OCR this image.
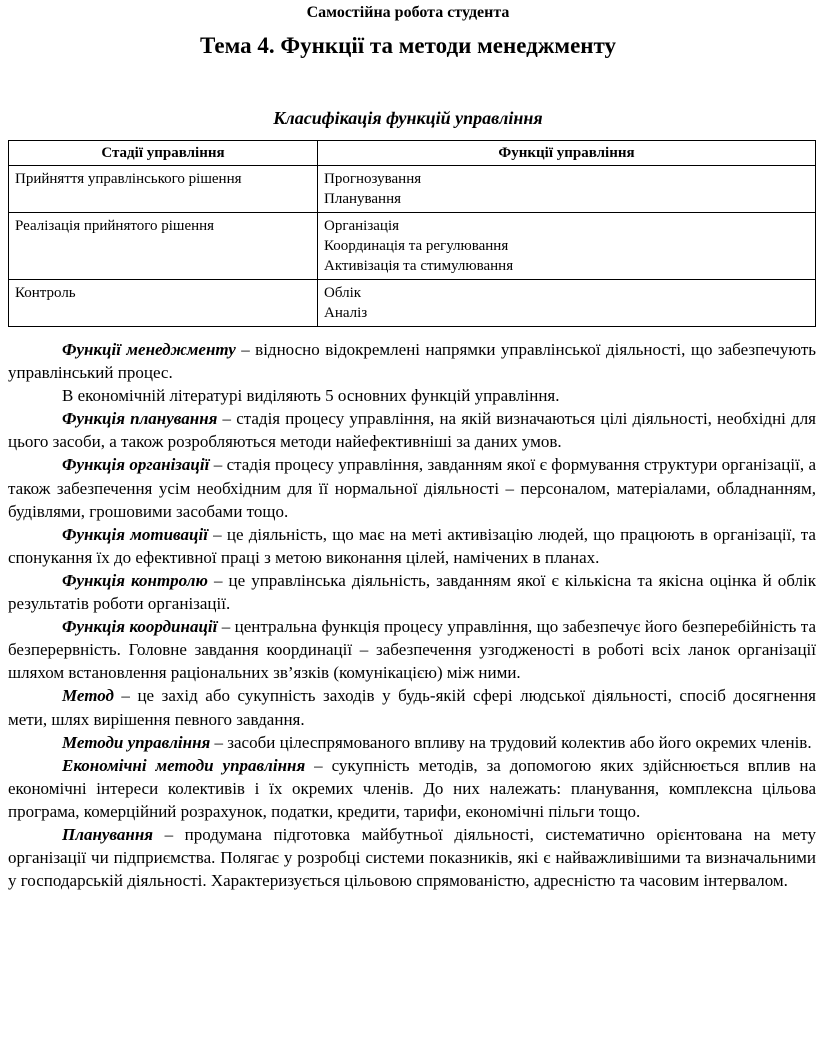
Самостійна робота студента
Тема 4. Функції та методи менеджменту
Класифікація функцій управління
Стадії управління	Функції управління
Прийняття управлінського рішення	Прогнозування
Планування

Реалізація прийнятого рішення	Організація
Координація та регулювання
Активізація та стимулювання

Контроль	Облік
Аналіз

Функції менеджменту – відносно відокремлені напрямки управлінської діяльності, що забезпечують управлінський процес.

В економічній літературі виділяють 5 основних функцій управління.

Функція планування – стадія процесу управління, на якій визначаються цілі діяльності, необхідні для цього засоби, а також розробляються методи найефективніші за даних умов.

Функція організації – стадія процесу управління, завданням якої є формування структури організації, а також забезпечення усім необхідним для її нормальної діяльності – персоналом, матеріалами, обладнанням, будівлями, грошовими засобами тощо.

Функція мотивації – це діяльність, що має на меті активізацію людей, що працюють в організації, та спонукання їх до ефективної праці з метою виконання цілей, намічених в планах.

Функція контролю – це управлінська діяльність, завданням якої є кількісна та якісна оцінка й облік результатів роботи організації.

Функція координації – центральна функція процесу управління, що забезпечує його безперебійність та безперервність. Головне завдання координації – забезпечення узгодженості в роботі всіх ланок організації шляхом встановлення раціональних зв’язків (комунікацією) між ними.

Метод – це захід або сукупність заходів у будь-якій сфері людської діяльності, спосіб досягнення мети, шлях вирішення певного завдання.

Методи управління – засоби цілеспрямованого впливу на трудовий колектив або його окремих членів.

Економічні методи управління – сукупність методів, за допомогою яких здійснюється вплив на економічні інтереси колективів і їх окремих членів. До них належать: планування, комплексна цільова програма, комерційний розрахунок, податки, кредити, тарифи, економічні пільги тощо.

Планування – продумана підготовка майбутньої діяльності, систематично орієнтована на мету організації чи підприємства. Полягає у розробці системи показників, які є найважливішими та визначальними у господарській діяльності. Характеризується цільовою спрямованістю, адресністю та часовим інтервалом.
